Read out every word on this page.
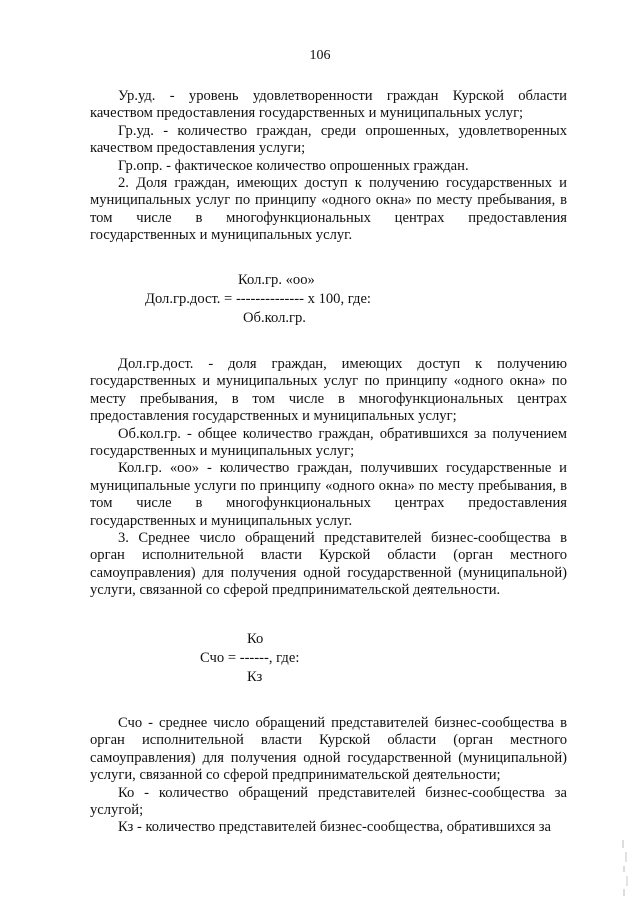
106

Ур.уд. - уровень удовлетворенности граждан Курской области качеством предоставления государственных и муниципальных услуг;

Гр.уд. - количество граждан, среди опрошенных, удовлетворенных качеством предоставления услуги;

Гр.опр. - фактическое количество опрошенных граждан.

2. Доля граждан, имеющих доступ к получению государственных и муниципальных услуг по принципу «одного окна» по месту пребывания, в том числе в многофункциональных центрах предоставления государственных и муниципальных услуг.

Кол.гр. «оо»
Дол.гр.дост. = -------------- х 100, где:
Об.кол.гр.

Дол.гр.дост. - доля граждан, имеющих доступ к получению государственных и муниципальных услуг по принципу «одного окна» по месту пребывания, в том числе в многофункциональных центрах предоставления государственных и муниципальных услуг;

Об.кол.гр. - общее количество граждан, обратившихся за получением государственных и муниципальных услуг;

Кол.гр. «оо» - количество граждан, получивших государственные и муниципальные услуги по принципу «одного окна» по месту пребывания, в том числе в многофункциональных центрах предоставления государственных и муниципальных услуг.

3. Среднее число обращений представителей бизнес-сообщества в орган исполнительной власти Курской области (орган местного самоуправления) для получения одной государственной (муниципальной) услуги, связанной со сферой предпринимательской деятельности.

Ко
Счо = ------, где:
Кз

Счо - среднее число обращений представителей бизнес-сообщества в орган исполнительной власти Курской области (орган местного самоуправления) для получения одной государственной (муниципальной) услуги, связанной со сферой предпринимательской деятельности;

Ко - количество обращений представителей бизнес-сообщества за услугой;

Кз - количество представителей бизнес-сообщества, обратившихся за
